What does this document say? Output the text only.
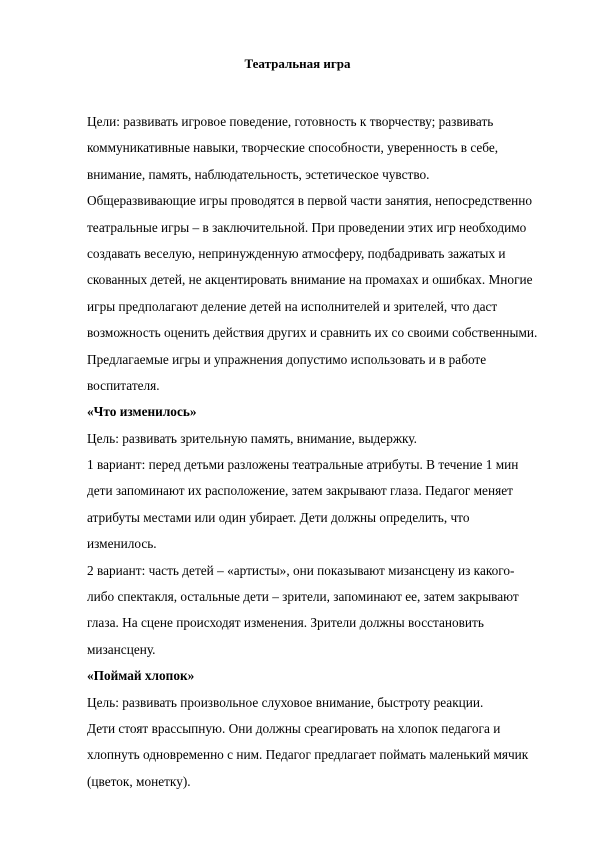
Театральная игра
Цели: развивать игровое поведение, готовность к творчеству; развивать
коммуникативные навыки, творческие способности, уверенность в себе,
внимание, память, наблюдательность, эстетическое чувство.
Общеразвивающие игры проводятся в первой части занятия, непосредственно
театральные игры – в заключительной. При проведении этих игр необходимо
создавать веселую, непринужденную атмосферу, подбадривать зажатых и
скованных детей, не акцентировать внимание на промахах и ошибках. Многие
игры предполагают деление детей на исполнителей и зрителей, что даст
возможность оценить действия других и сравнить их со своими собственными.
Предлагаемые игры и упражнения допустимо использовать и в работе
воспитателя.
«Что изменилось»
Цель: развивать зрительную память, внимание, выдержку.
1 вариант: перед детьми разложены театральные атрибуты. В течение 1 мин
дети запоминают их расположение, затем закрывают глаза. Педагог меняет
атрибуты местами или один убирает. Дети должны определить, что
изменилось.
2 вариант: часть детей – «артисты», они показывают мизансцену из какого-
либо спектакля, остальные дети – зрители, запоминают ее, затем закрывают
глаза. На сцене происходят изменения. Зрители должны восстановить
мизансцену.
«Поймай хлопок»
Цель: развивать произвольное слуховое внимание, быстроту реакции.
Дети стоят врассыпную. Они должны среагировать на хлопок педагога и
хлопнуть одновременно с ним. Педагог предлагает поймать маленький мячик
(цветок, монетку).
